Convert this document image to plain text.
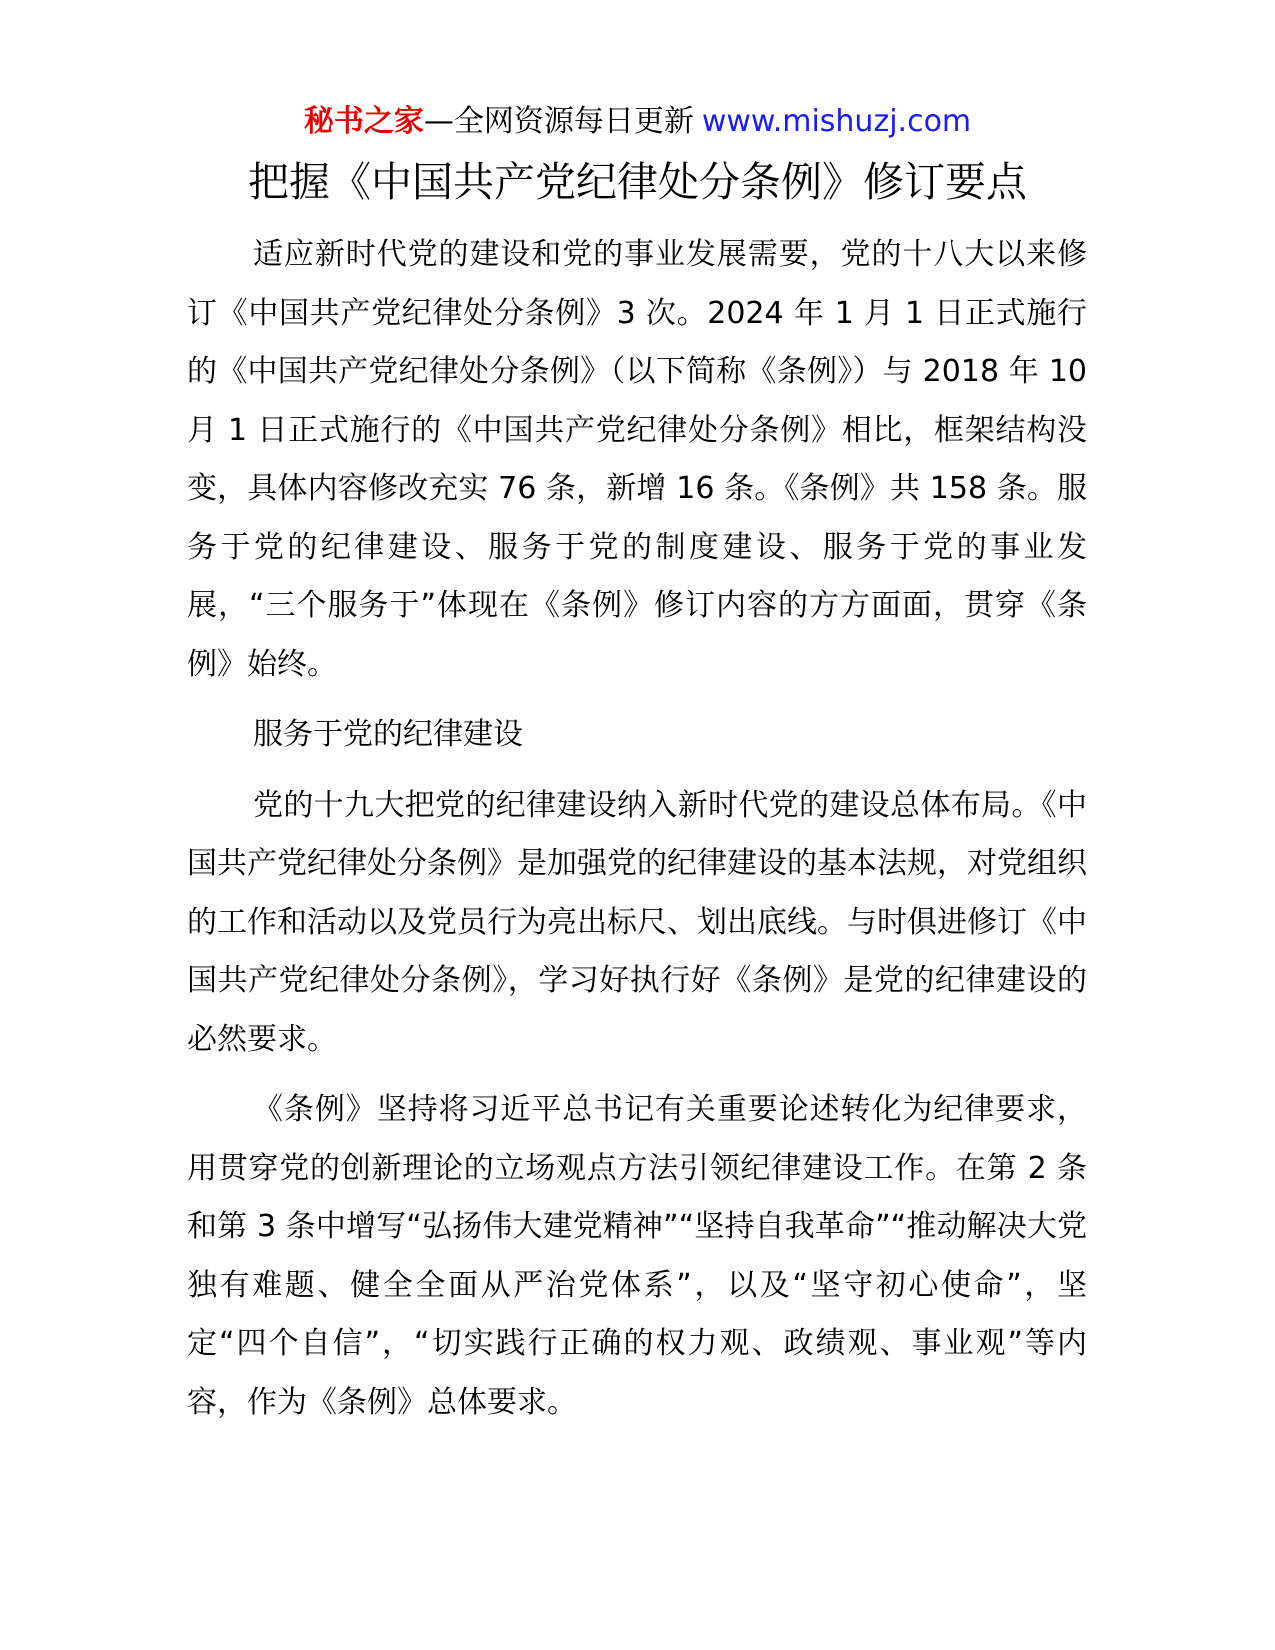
秘书之家—全网资源每日更新 www.mishuzj.com
把握《中国共产党纪律处分条例》修订要点

适应新时代党的建设和党的事业发展需要，党的十八大以来修订《中国共产党纪律处分条例》3 次。2024 年 1 月 1 日正式施行的《中国共产党纪律处分条例》（以下简称《条例》）与 2018 年 10 月 1 日正式施行的《中国共产党纪律处分条例》相比，框架结构没变，具体内容修改充实 76 条，新增 16 条。《条例》共 158 条。服务于党的纪律建设、服务于党的制度建设、服务于党的事业发展，“三个服务于”体现在《条例》修订内容的方方面面，贯穿《条例》始终。

服务于党的纪律建设

党的十九大把党的纪律建设纳入新时代党的建设总体布局。《中国共产党纪律处分条例》是加强党的纪律建设的基本法规，对党组织的工作和活动以及党员行为亮出标尺、划出底线。与时俱进修订《中国共产党纪律处分条例》，学习好执行好《条例》是党的纪律建设的必然要求。

《条例》坚持将习近平总书记有关重要论述转化为纪律要求，用贯穿党的创新理论的立场观点方法引领纪律建设工作。在第 2 条和第 3 条中增写“弘扬伟大建党精神”“坚持自我革命”“推动解决大党独有难题、健全全面从严治党体系”，以及“坚守初心使命”，坚定“四个自信”，“切实践行正确的权力观、政绩观、事业观”等内容，作为《条例》总体要求。
